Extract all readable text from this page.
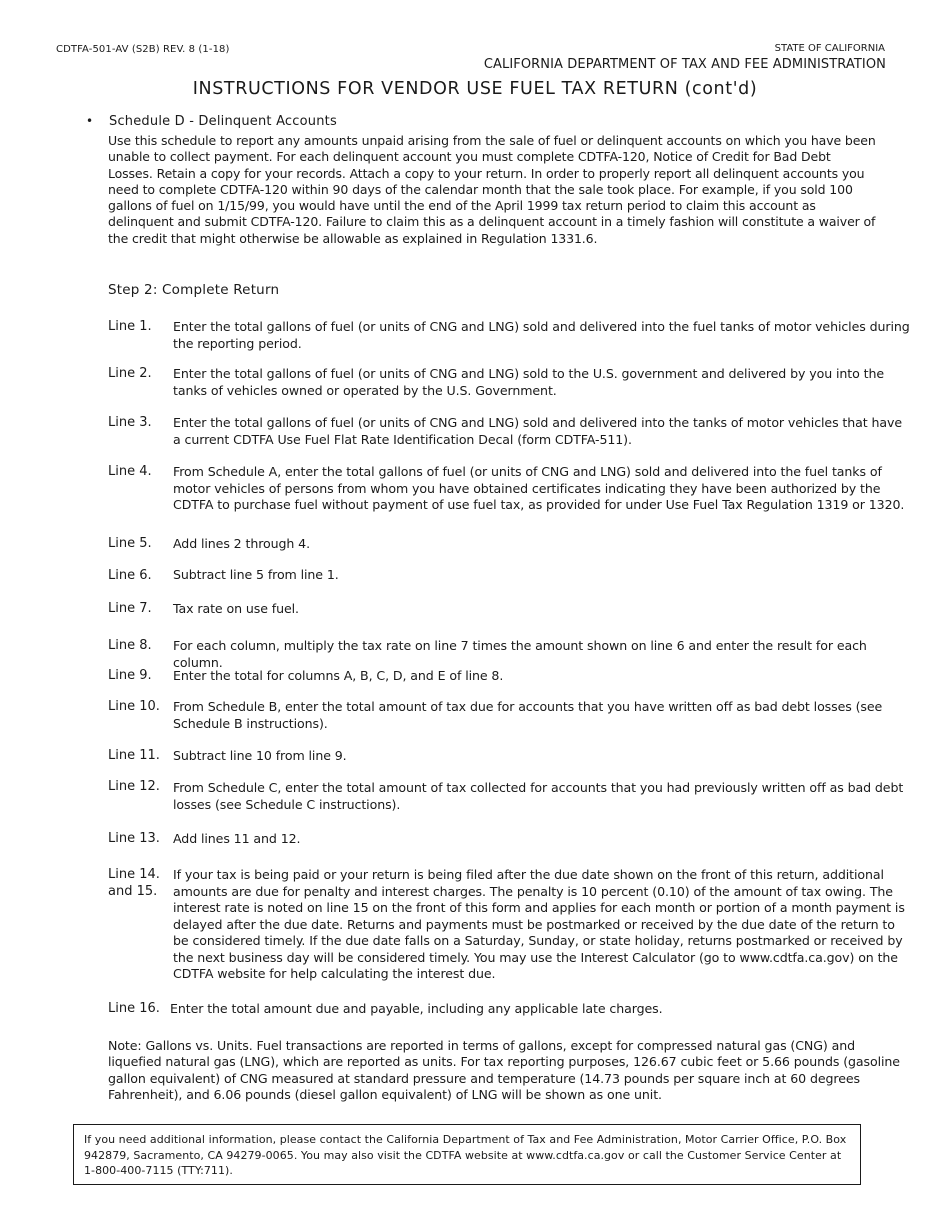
CDTFA-501-AV (S2B) REV. 8 (1-18)	STATE OF CALIFORNIA
CALIFORNIA DEPARTMENT OF TAX AND FEE ADMINISTRATION
INSTRUCTIONS FOR VENDOR USE FUEL TAX RETURN (cont'd)
• Schedule D - Delinquent Accounts
Use this schedule to report any amounts unpaid arising from the sale of fuel or delinquent accounts on which you have been unable to collect payment. For each delinquent account you must complete CDTFA-120, Notice of Credit for Bad Debt Losses. Retain a copy for your records. Attach a copy to your return. In order to properly report all delinquent accounts you need to complete CDTFA-120 within 90 days of the calendar month that the sale took place. For example, if you sold 100 gallons of fuel on 1/15/99, you would have until the end of the April 1999 tax return period to claim this account as delinquent and submit CDTFA-120. Failure to claim this as a delinquent account in a timely fashion will constitute a waiver of the credit that might otherwise be allowable as explained in Regulation 1331.6.
Step 2: Complete Return
Line 1. Enter the total gallons of fuel (or units of CNG and LNG) sold and delivered into the fuel tanks of motor vehicles during the reporting period.
Line 2. Enter the total gallons of fuel (or units of CNG and LNG) sold to the U.S. government and delivered by you into the tanks of vehicles owned or operated by the U.S. Government.
Line 3. Enter the total gallons of fuel (or units of CNG and LNG) sold and delivered into the tanks of motor vehicles that have a current CDTFA Use Fuel Flat Rate Identification Decal (form CDTFA-511).
Line 4. From Schedule A, enter the total gallons of fuel (or units of CNG and LNG) sold and delivered into the fuel tanks of motor vehicles of persons from whom you have obtained certificates indicating they have been authorized by the CDTFA to purchase fuel without payment of use fuel tax, as provided for under Use Fuel Tax Regulation 1319 or 1320.
Line 5. Add lines 2 through 4.
Line 6. Subtract line 5 from line 1.
Line 7. Tax rate on use fuel.
Line 8. For each column, multiply the tax rate on line 7 times the amount shown on line 6 and enter the result for each column.
Line 9. Enter the total for columns A, B, C, D, and E of line 8.
Line 10. From Schedule B, enter the total amount of tax due for accounts that you have written off as bad debt losses (see Schedule B instructions).
Line 11. Subtract line 10 from line 9.
Line 12. From Schedule C, enter the total amount of tax collected for accounts that you had previously written off as bad debt losses (see Schedule C instructions).
Line 13. Add lines 11 and 12.
Line 14.
and 15.
If your tax is being paid or your return is being filed after the due date shown on the front of this return, additional amounts are due for penalty and interest charges. The penalty is 10 percent (0.10) of the amount of tax owing. The interest rate is noted on line 15 on the front of this form and applies for each month or portion of a month payment is delayed after the due date. Returns and payments must be postmarked or received by the due date of the return to be considered timely. If the due date falls on a Saturday, Sunday, or state holiday, returns postmarked or received by the next business day will be considered timely. You may use the Interest Calculator (go to www.cdtfa.ca.gov) on the CDTFA website for help calculating the interest due.
Line 16. Enter the total amount due and payable, including any applicable late charges.
Note: Gallons vs. Units. Fuel transactions are reported in terms of gallons, except for compressed natural gas (CNG) and liquefied natural gas (LNG), which are reported as units. For tax reporting purposes, 126.67 cubic feet or 5.66 pounds (gasoline gallon equivalent) of CNG measured at standard pressure and temperature (14.73 pounds per square inch at 60 degrees Fahrenheit), and 6.06 pounds (diesel gallon equivalent) of LNG will be shown as one unit.
If you need additional information, please contact the California Department of Tax and Fee Administration, Motor Carrier Office, P.O. Box 942879, Sacramento, CA 94279-0065. You may also visit the CDTFA website at www.cdtfa.ca.gov or call the Customer Service Center at 1-800-400-7115 (TTY:711).
